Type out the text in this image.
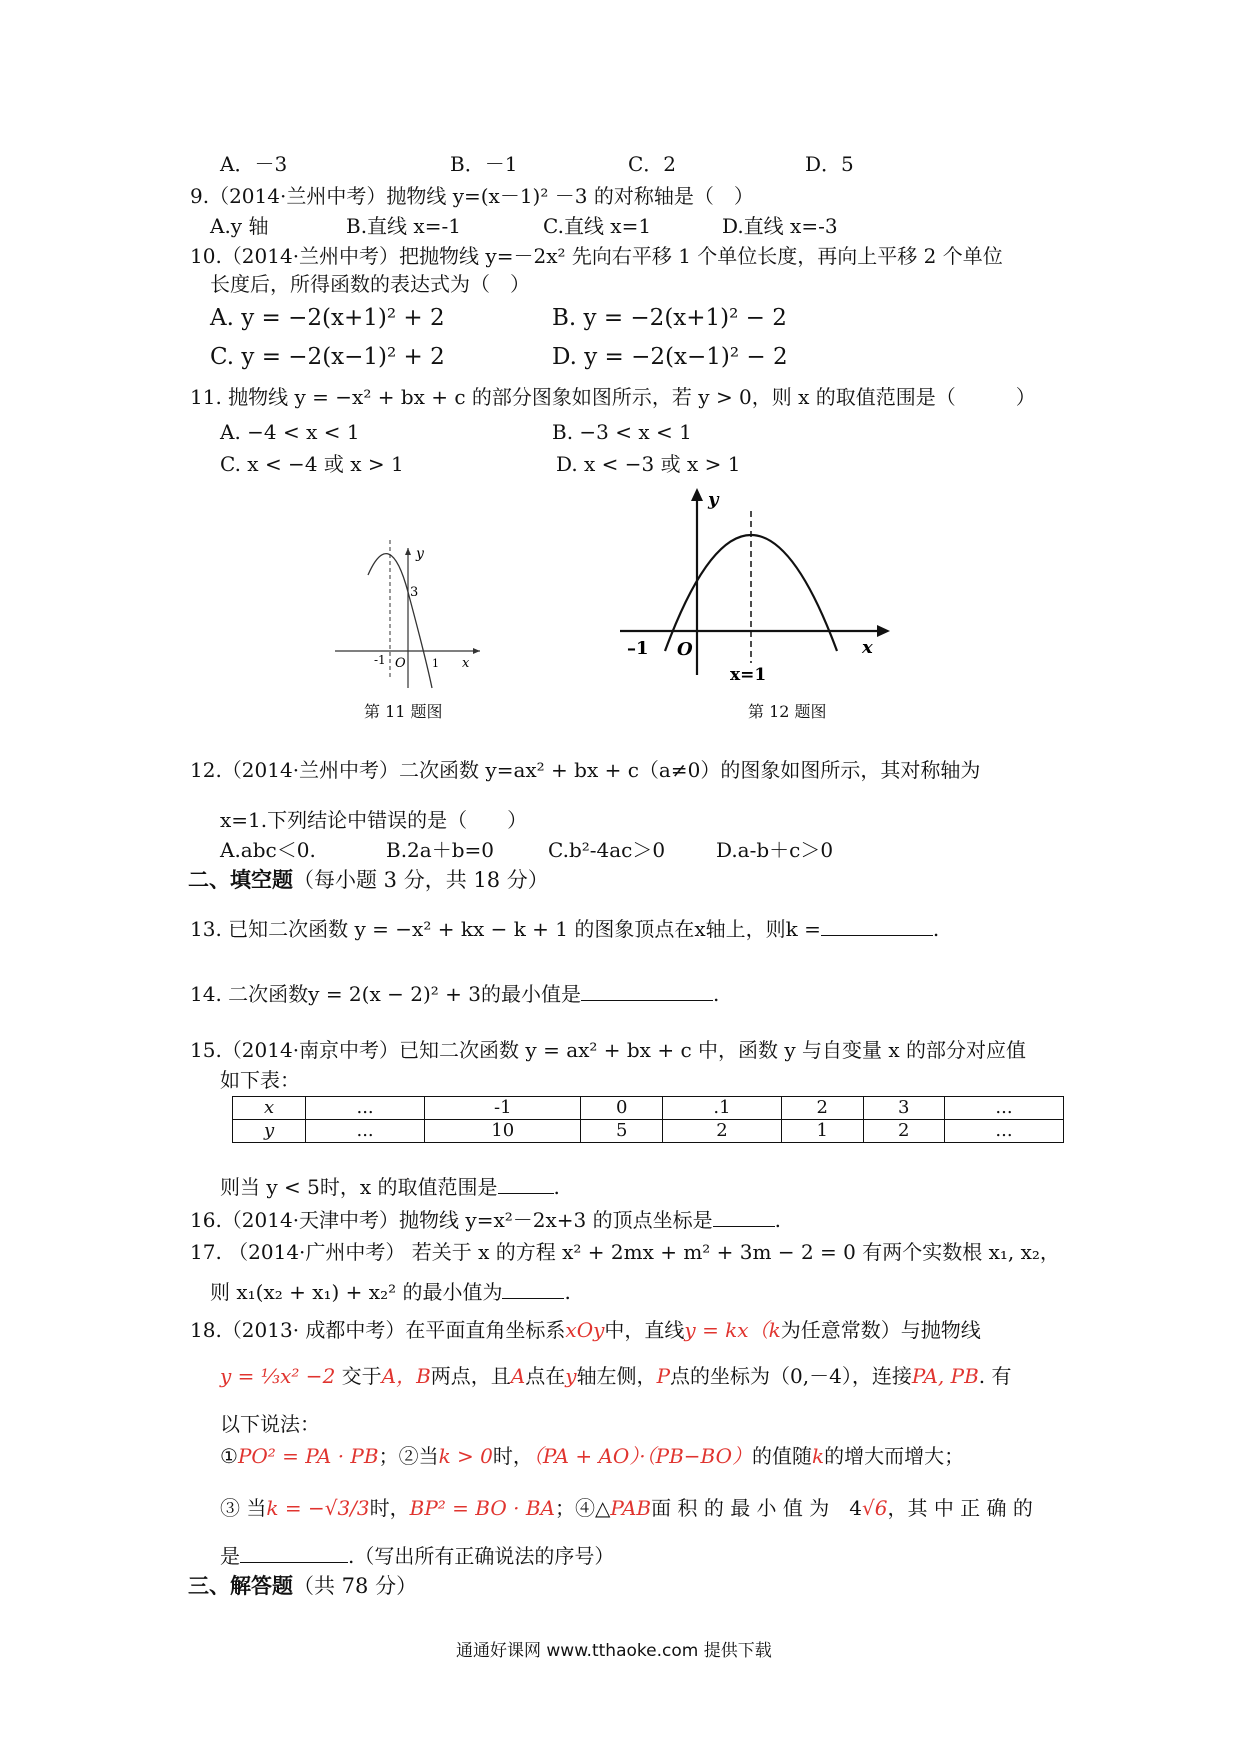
A．－3	B．－1	C．2	D．5
9.（2014·兰州中考）抛物线 y=(x－1)² －3 的对称轴是（　）
A.y 轴	B.直线 x=-1	C.直线 x=1	D.直线 x=-3
10.（2014·兰州中考）把抛物线 y=－2x² 先向右平移 1 个单位长度，再向上平移 2 个单位
长度后，所得函数的表达式为（　）
A. y = −2(x+1)² + 2	B. y = −2(x+1)² − 2
C. y = −2(x−1)² + 2	D. y = −2(x−1)² − 2
11. 抛物线 y = −x² + bx + c 的部分图象如图所示，若 y > 0，则 x 的取值范围是（　　　）
A. −4 < x < 1	B. −3 < x < 1
C. x < −4 或 x > 1	D. x < −3 或 x > 1
y
3
-1 O 1 x
第 11 题图
y
–1 O	x
x=1
第 12 题图
12.（2014·兰州中考）二次函数 y=ax² + bx + c（a≠0）的图象如图所示，其对称轴为
x=1.下列结论中错误的是（　　）
A.abc＜0.	B.2a＋b=0	C.b²-4ac＞0	D.a-b＋c＞0
二、填空题（每小题 3 分，共 18 分）
13. 已知二次函数 y = −x² + kx − k + 1 的图象顶点在x轴上，则k =	.
14. 二次函数y = 2(x − 2)² + 3的最小值是	.
15.（2014·南京中考）已知二次函数 y = ax² + bx + c 中，函数 y 与自变量 x 的部分对应值
如下表：
x	...	-1	0	.1	2	3	...
y	...	10	5	2	1	2	...
则当 y < 5时，x 的取值范围是	.
16.（2014·天津中考）抛物线 y=x²－2x+3 的顶点坐标是	.
17. （2014·广州中考） 若关于 x 的方程 x² + 2mx + m² + 3m − 2 = 0 有两个实数根 x₁, x₂，
则 x₁(x₂ + x₁) + x₂² 的最小值为	.
18.（2013· 成都中考）在平面直角坐标系xOy中，直线y = kx（k为任意常数）与抛物线
y = ⅓x² −2 交于A，B两点，且A点在y轴左侧，P点的坐标为（0,－4），连接PA, PB. 有
以下说法：
①PO² = PA · PB；②当k > 0时，（PA + AO）·（PB−BO）的值随k的增大而增大；
③ 当k = −√3/3时，BP² = BO · BA；④△PAB面 积 的 最 小 值 为　4√6，其 中 正 确 的
是	.（写出所有正确说法的序号）
三、解答题（共 78 分）
通通好课网 www.tthaoke.com 提供下载
